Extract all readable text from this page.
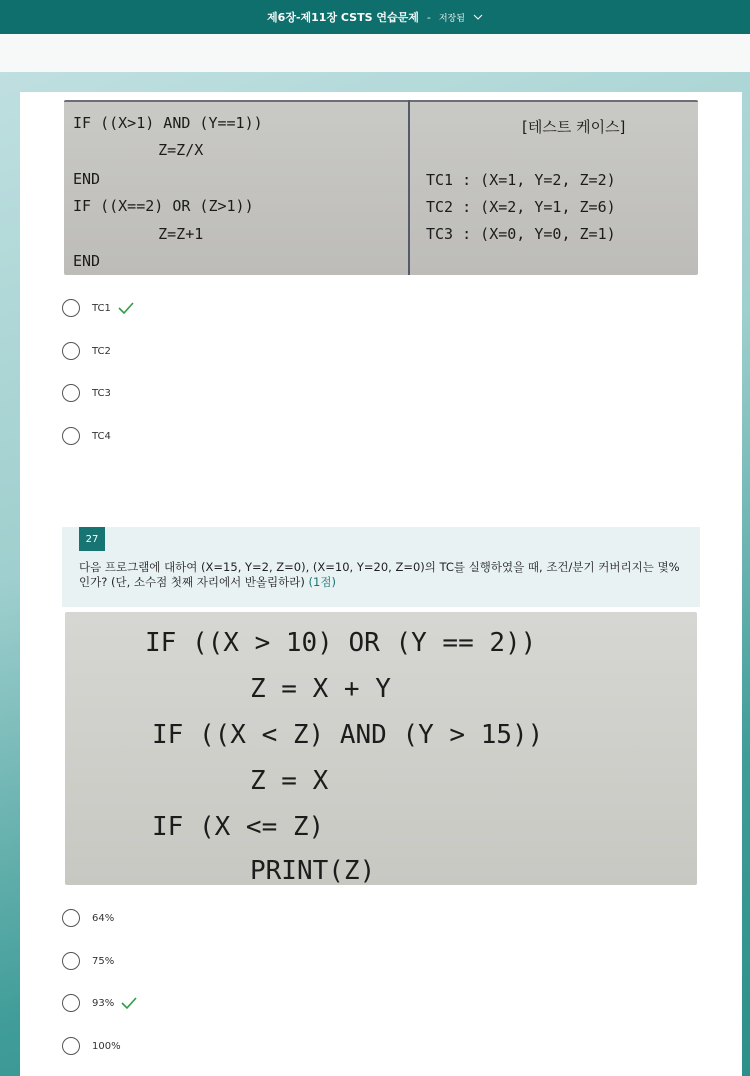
제6장-제11장 CSTS 연습문제 - 저장됨
IF ((X>1) AND (Y==1))
Z=Z/X
END
IF ((X==2) OR (Z>1))
Z=Z+1
END
[테스트 케이스]
TC1 : (X=1, Y=2, Z=2)
TC2 : (X=2, Y=1, Z=6)
TC3 : (X=0, Y=0, Z=1)
TC1
TC2
TC3
TC4
27
다음 프로그램에 대하여 (X=15, Y=2, Z=0), (X=10, Y=20, Z=0)의 TC를 실행하였을 때, 조건/분기 커버리지는 몇% 인가? (단, 소수점 첫째 자리에서 반올림하라) (1점)
IF ((X > 10) OR (Y == 2))
Z = X + Y
IF ((X < Z) AND (Y > 15))
Z = X
IF (X <= Z)
PRINT(Z)
64%
75%
93%
100%
